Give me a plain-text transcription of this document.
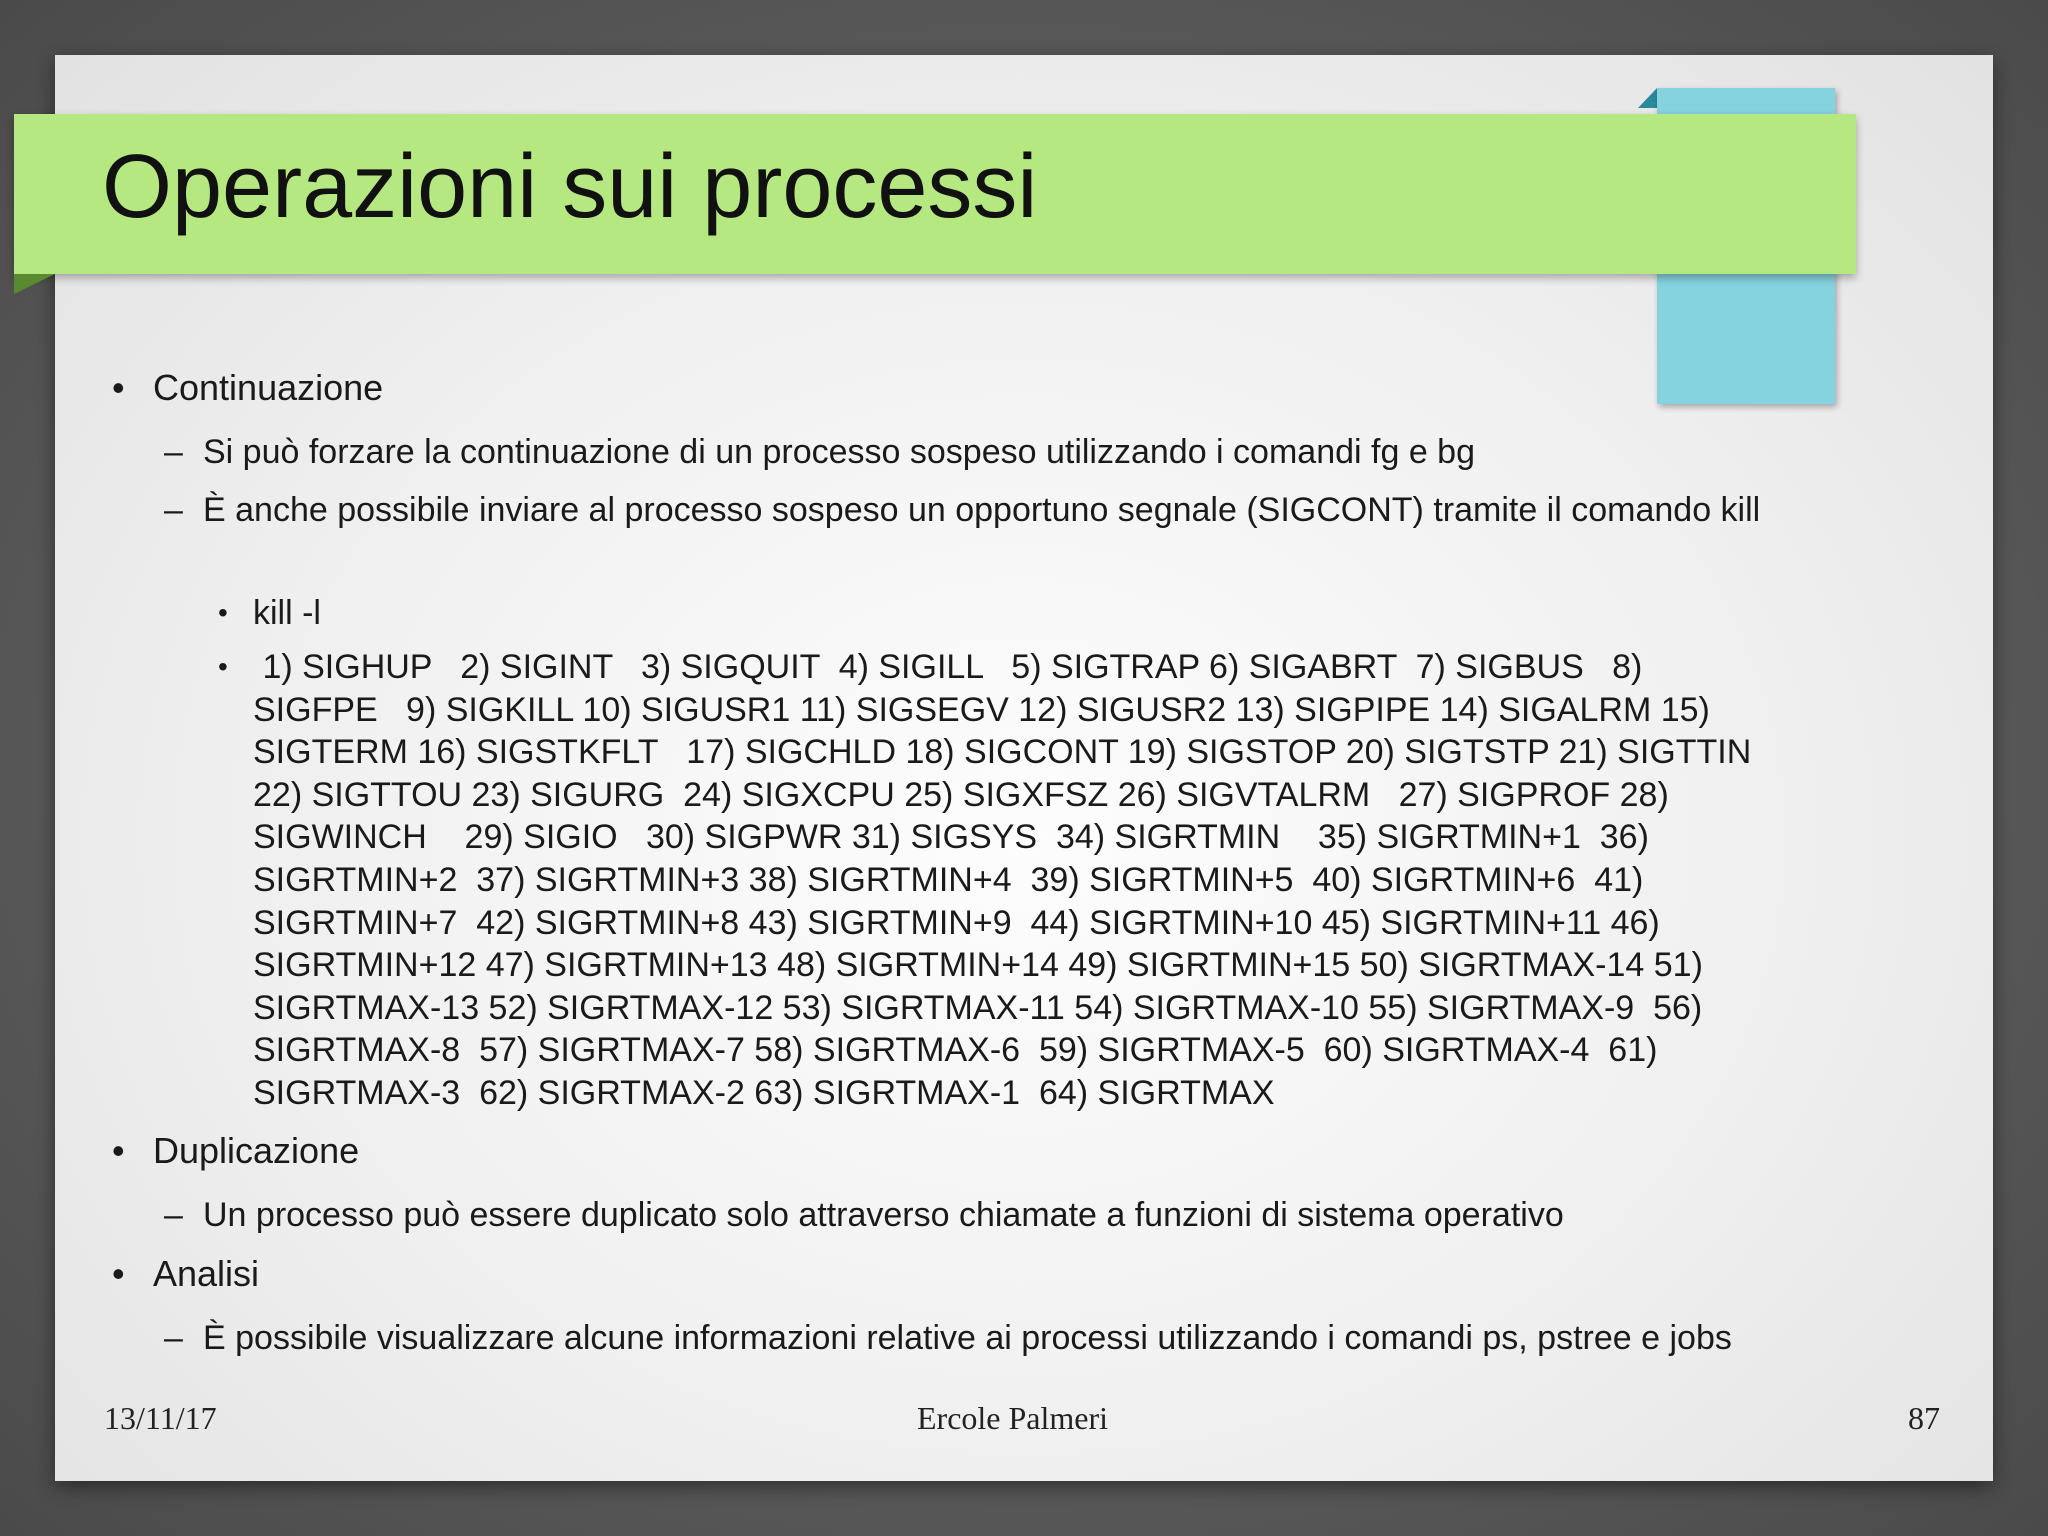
Operazioni sui processi
• Continuazione
– Si può forzare la continuazione di un processo sospeso utilizzando i comandi fg e bg
– È anche possibile inviare al processo sospeso un opportuno segnale (SIGCONT) tramite il comando kill
• kill -l
• 1) SIGHUP   2) SIGINT   3) SIGQUIT  4) SIGILL   5) SIGTRAP 6) SIGABRT  7) SIGBUS   8)
SIGFPE   9) SIGKILL 10) SIGUSR1 11) SIGSEGV 12) SIGUSR2 13) SIGPIPE 14) SIGALRM 15)
SIGTERM 16) SIGSTKFLT   17) SIGCHLD 18) SIGCONT 19) SIGSTOP 20) SIGTSTP 21) SIGTTIN
22) SIGTTOU 23) SIGURG  24) SIGXCPU 25) SIGXFSZ 26) SIGVTALRM   27) SIGPROF 28)
SIGWINCH    29) SIGIO   30) SIGPWR 31) SIGSYS  34) SIGRTMIN    35) SIGRTMIN+1  36)
SIGRTMIN+2  37) SIGRTMIN+3 38) SIGRTMIN+4  39) SIGRTMIN+5  40) SIGRTMIN+6  41)
SIGRTMIN+7  42) SIGRTMIN+8 43) SIGRTMIN+9  44) SIGRTMIN+10 45) SIGRTMIN+11 46)
SIGRTMIN+12 47) SIGRTMIN+13 48) SIGRTMIN+14 49) SIGRTMIN+15 50) SIGRTMAX-14 51)
SIGRTMAX-13 52) SIGRTMAX-12 53) SIGRTMAX-11 54) SIGRTMAX-10 55) SIGRTMAX-9  56)
SIGRTMAX-8  57) SIGRTMAX-7 58) SIGRTMAX-6  59) SIGRTMAX-5  60) SIGRTMAX-4  61)
SIGRTMAX-3  62) SIGRTMAX-2 63) SIGRTMAX-1  64) SIGRTMAX
• Duplicazione
– Un processo può essere duplicato solo attraverso chiamate a funzioni di sistema operativo
• Analisi
– È possibile visualizzare alcune informazioni relative ai processi utilizzando i comandi ps, pstree e jobs
13/11/17	Ercole Palmeri	87
